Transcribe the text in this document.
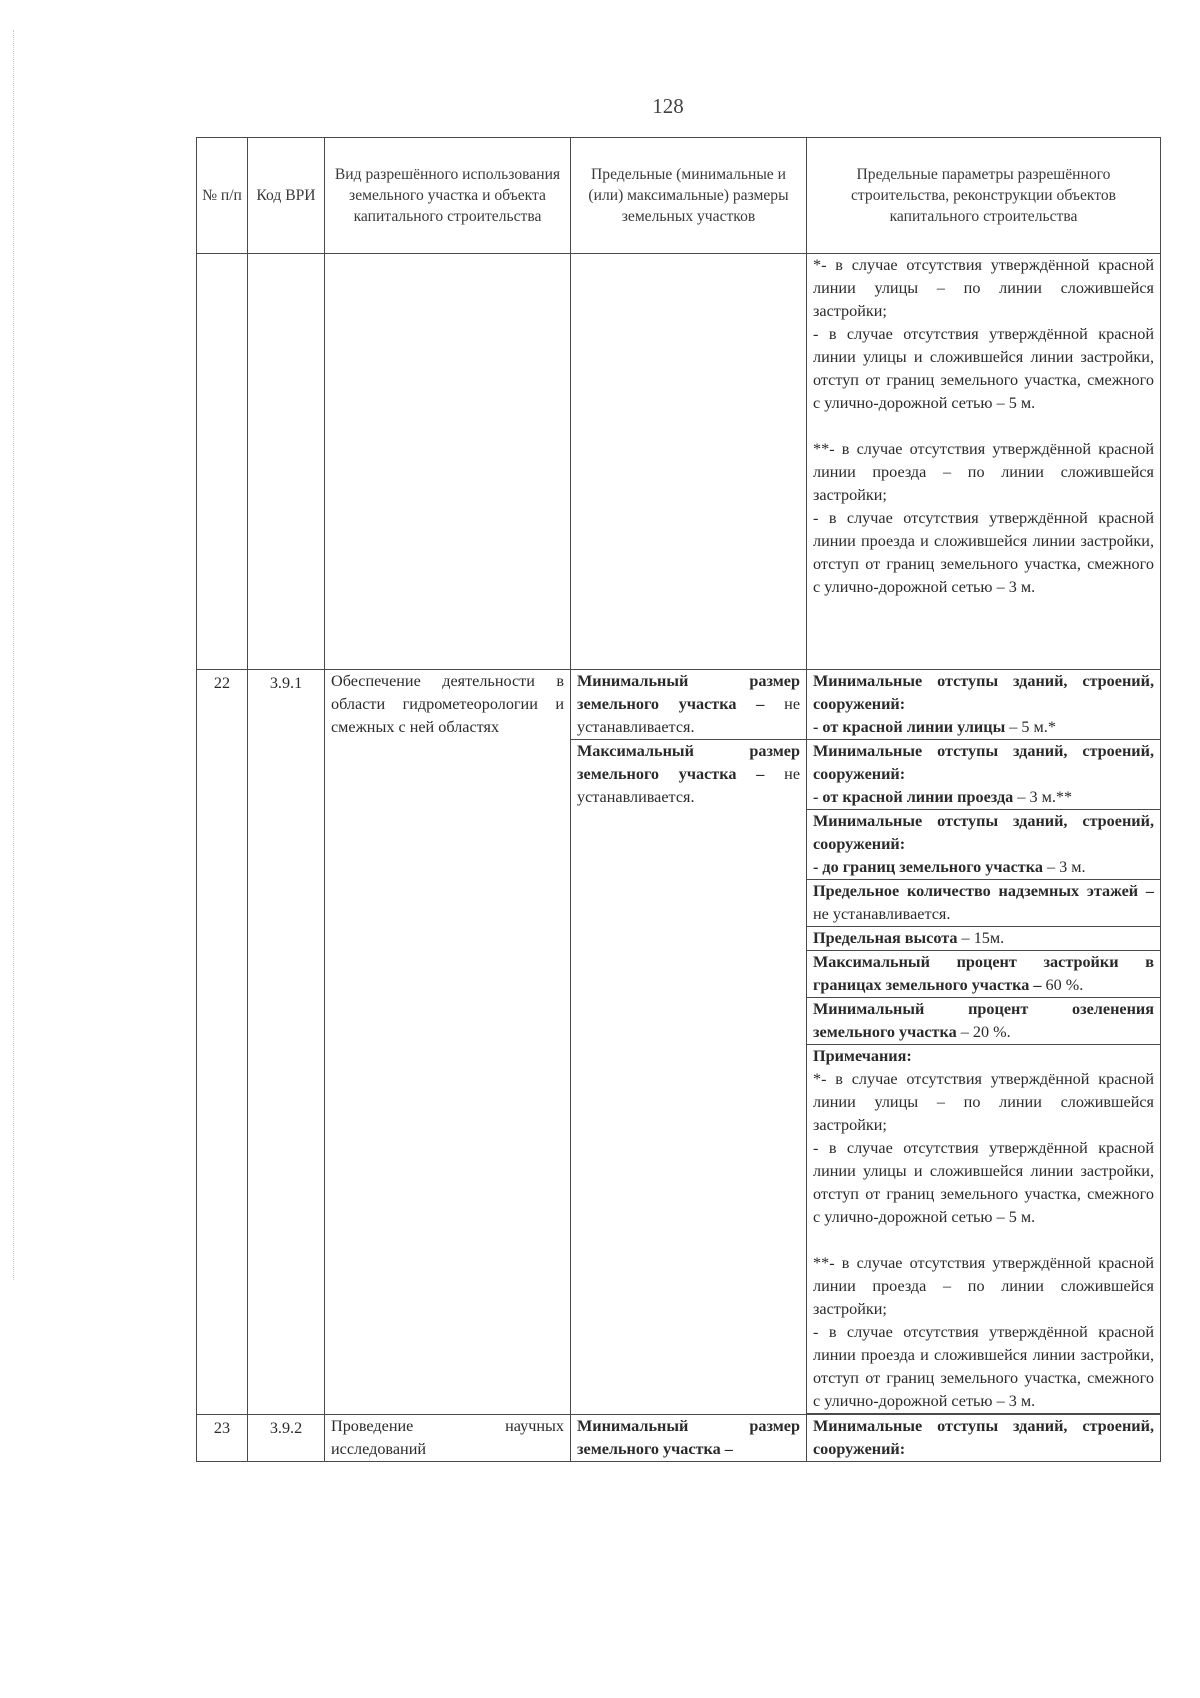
128
№ п/п	Код ВРИ	Вид разрешённого использования земельного участка и объекта капитального строительства	Предельные (минимальные и (или) максимальные) размеры земельных участков	Предельные параметры разрешённого строительства, реконструкции объектов капитального строительства

				*- в случае отсутствия утверждённой красной линии улицы – по линии сложившейся застройки;
- в случае отсутствия утверждённой красной линии улицы и сложившейся линии застройки, отступ от границ земельного участка, смежного с улично-дорожной сетью – 5 м.
**- в случае отсутствия утверждённой красной линии проезда – по линии сложившейся застройки;
- в случае отсутствия утверждённой красной линии проезда и сложившейся линии застройки, отступ от границ земельного участка, смежного с улично-дорожной сетью – 3 м.

22	3.9.1	Обеспечение деятельности в области гидрометеорологии и смежных с ней областях	Минимальный размер земельного участка – не устанавливается.	Минимальные отступы зданий, строений, сооружений:
- от красной линии улицы – 5 м.*
			Максимальный размер земельного участка – не устанавливается.	Минимальные отступы зданий, строений, сооружений:
- от красной линии проезда – 3 м.**

				Минимальные отступы зданий, строений, сооружений:
- до границ земельного участка – 3 м.
				Предельное количество надземных этажей – не устанавливается.
				Предельная высота – 15м.
				Максимальный процент застройки в границах земельного участка – 60 %.
				Минимальный процент озеленения земельного участка – 20 %.

				Примечания:
*- в случае отсутствия утверждённой красной линии улицы – по линии сложившейся застройки;
- в случае отсутствия утверждённой красной линии улицы и сложившейся линии застройки, отступ от границ земельного участка, смежного с улично-дорожной сетью – 5 м.
**- в случае отсутствия утверждённой красной линии проезда – по линии сложившейся застройки;
- в случае отсутствия утверждённой красной линии проезда и сложившейся линии застройки, отступ от границ земельного участка, смежного с улично-дорожной сетью – 3 м.

23	3.9.2	Проведение научных исследований	Минимальный размер земельного участка –	Минимальные отступы зданий, строений, сооружений:
